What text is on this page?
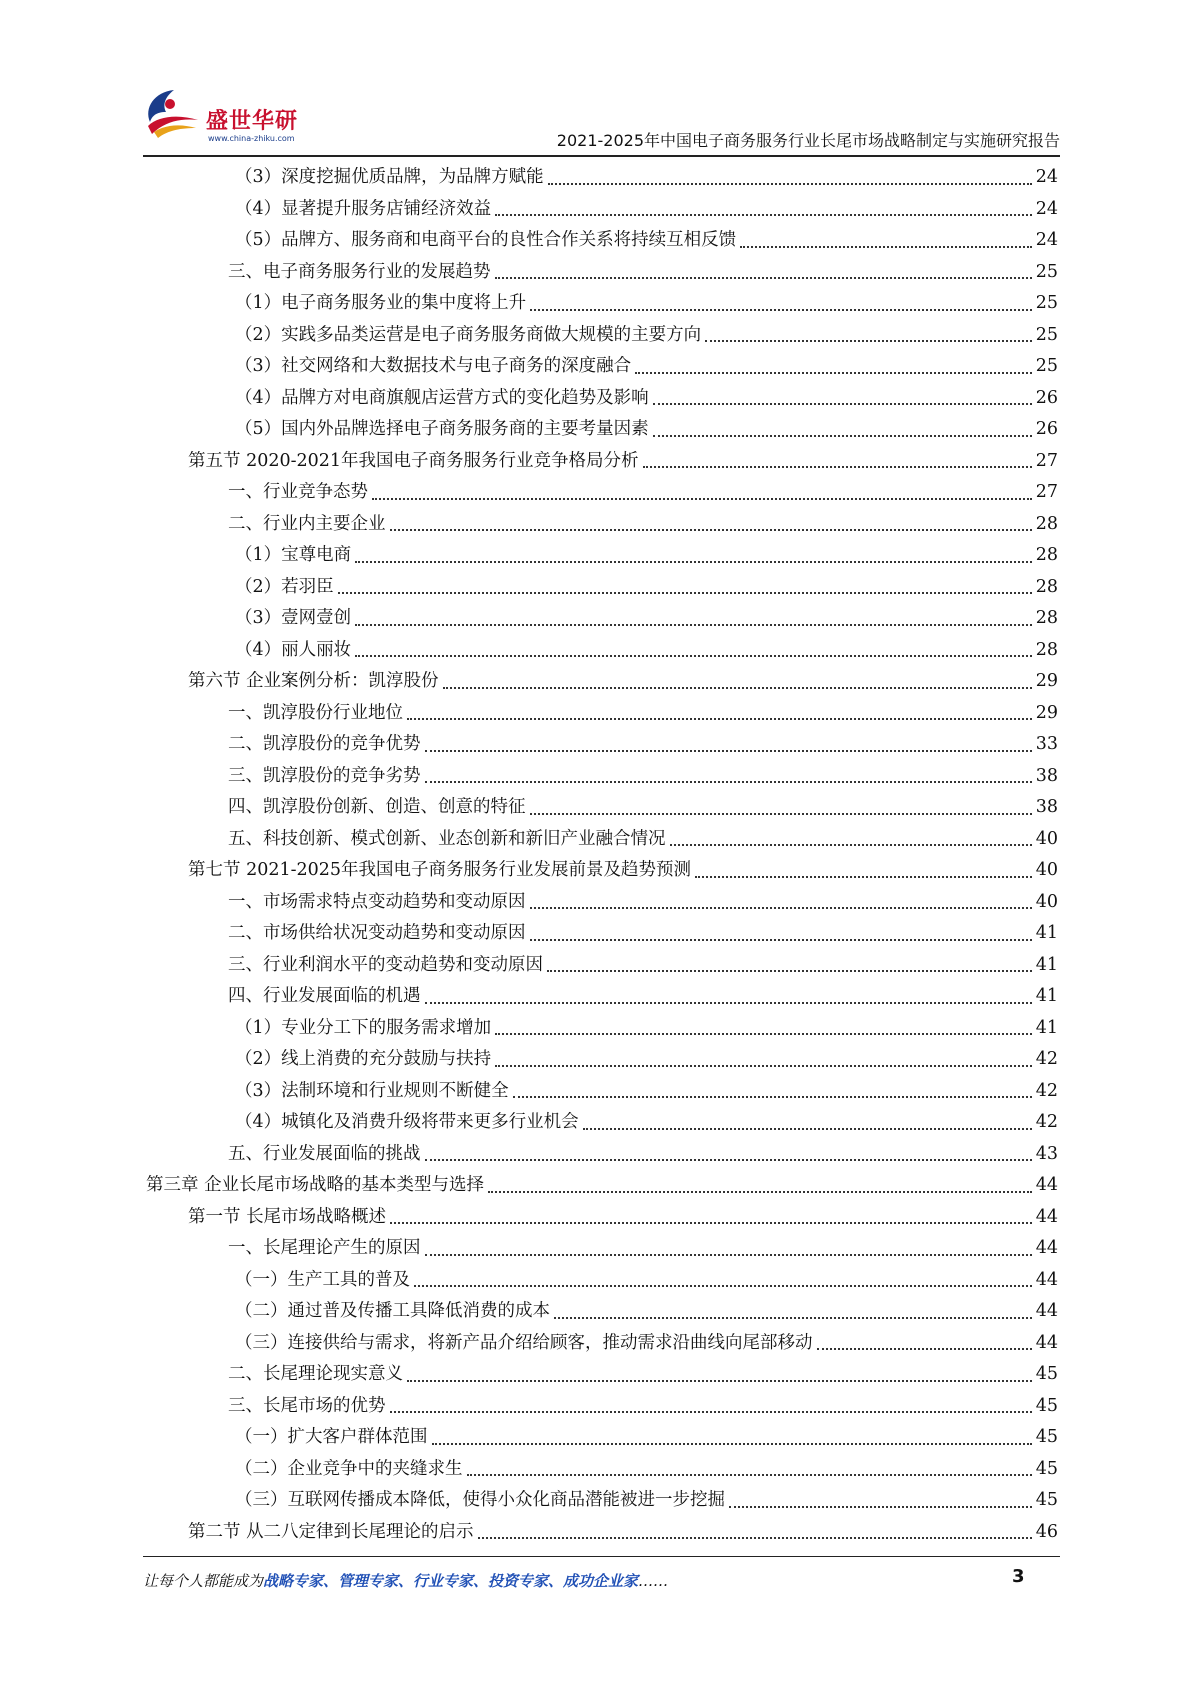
盛世华研
www.china-zhiku.com	2021-2025年中国电子商务服务行业长尾市场战略制定与实施研究报告
（3）深度挖掘优质品牌，为品牌方赋能	24
（4）显著提升服务店铺经济效益	24
（5）品牌方、服务商和电商平台的良性合作关系将持续互相反馈	24
三、电子商务服务行业的发展趋势	25
（1）电子商务服务业的集中度将上升	25
（2）实践多品类运营是电子商务服务商做大规模的主要方向	25
（3）社交网络和大数据技术与电子商务的深度融合	25
（4）品牌方对电商旗舰店运营方式的变化趋势及影响	26
（5）国内外品牌选择电子商务服务商的主要考量因素	26
第五节 2020-2021年我国电子商务服务行业竞争格局分析	27
一、行业竞争态势	27
二、行业内主要企业	28
（1）宝尊电商	28
（2）若羽臣	28
（3）壹网壹创	28
（4）丽人丽妆	28
第六节 企业案例分析：凯淳股份	29
一、凯淳股份行业地位	29
二、凯淳股份的竞争优势	33
三、凯淳股份的竞争劣势	38
四、凯淳股份创新、创造、创意的特征	38
五、科技创新、模式创新、业态创新和新旧产业融合情况	40
第七节 2021-2025年我国电子商务服务行业发展前景及趋势预测	40
一、市场需求特点变动趋势和变动原因	40
二、市场供给状况变动趋势和变动原因	41
三、行业利润水平的变动趋势和变动原因	41
四、行业发展面临的机遇	41
（1）专业分工下的服务需求增加	41
（2）线上消费的充分鼓励与扶持	42
（3）法制环境和行业规则不断健全	42
（4）城镇化及消费升级将带来更多行业机会	42
五、行业发展面临的挑战	43
第三章 企业长尾市场战略的基本类型与选择	44
第一节 长尾市场战略概述	44
一、长尾理论产生的原因	44
（一）生产工具的普及	44
（二）通过普及传播工具降低消费的成本	44
（三）连接供给与需求，将新产品介绍给顾客，推动需求沿曲线向尾部移动	44
二、长尾理论现实意义	45
三、长尾市场的优势	45
（一）扩大客户群体范围	45
（二）企业竞争中的夹缝求生	45
（三）互联网传播成本降低，使得小众化商品潜能被进一步挖掘	45
第二节 从二八定律到长尾理论的启示	46
让每个人都能成为战略专家、管理专家、行业专家、投资专家、成功企业家……	3
